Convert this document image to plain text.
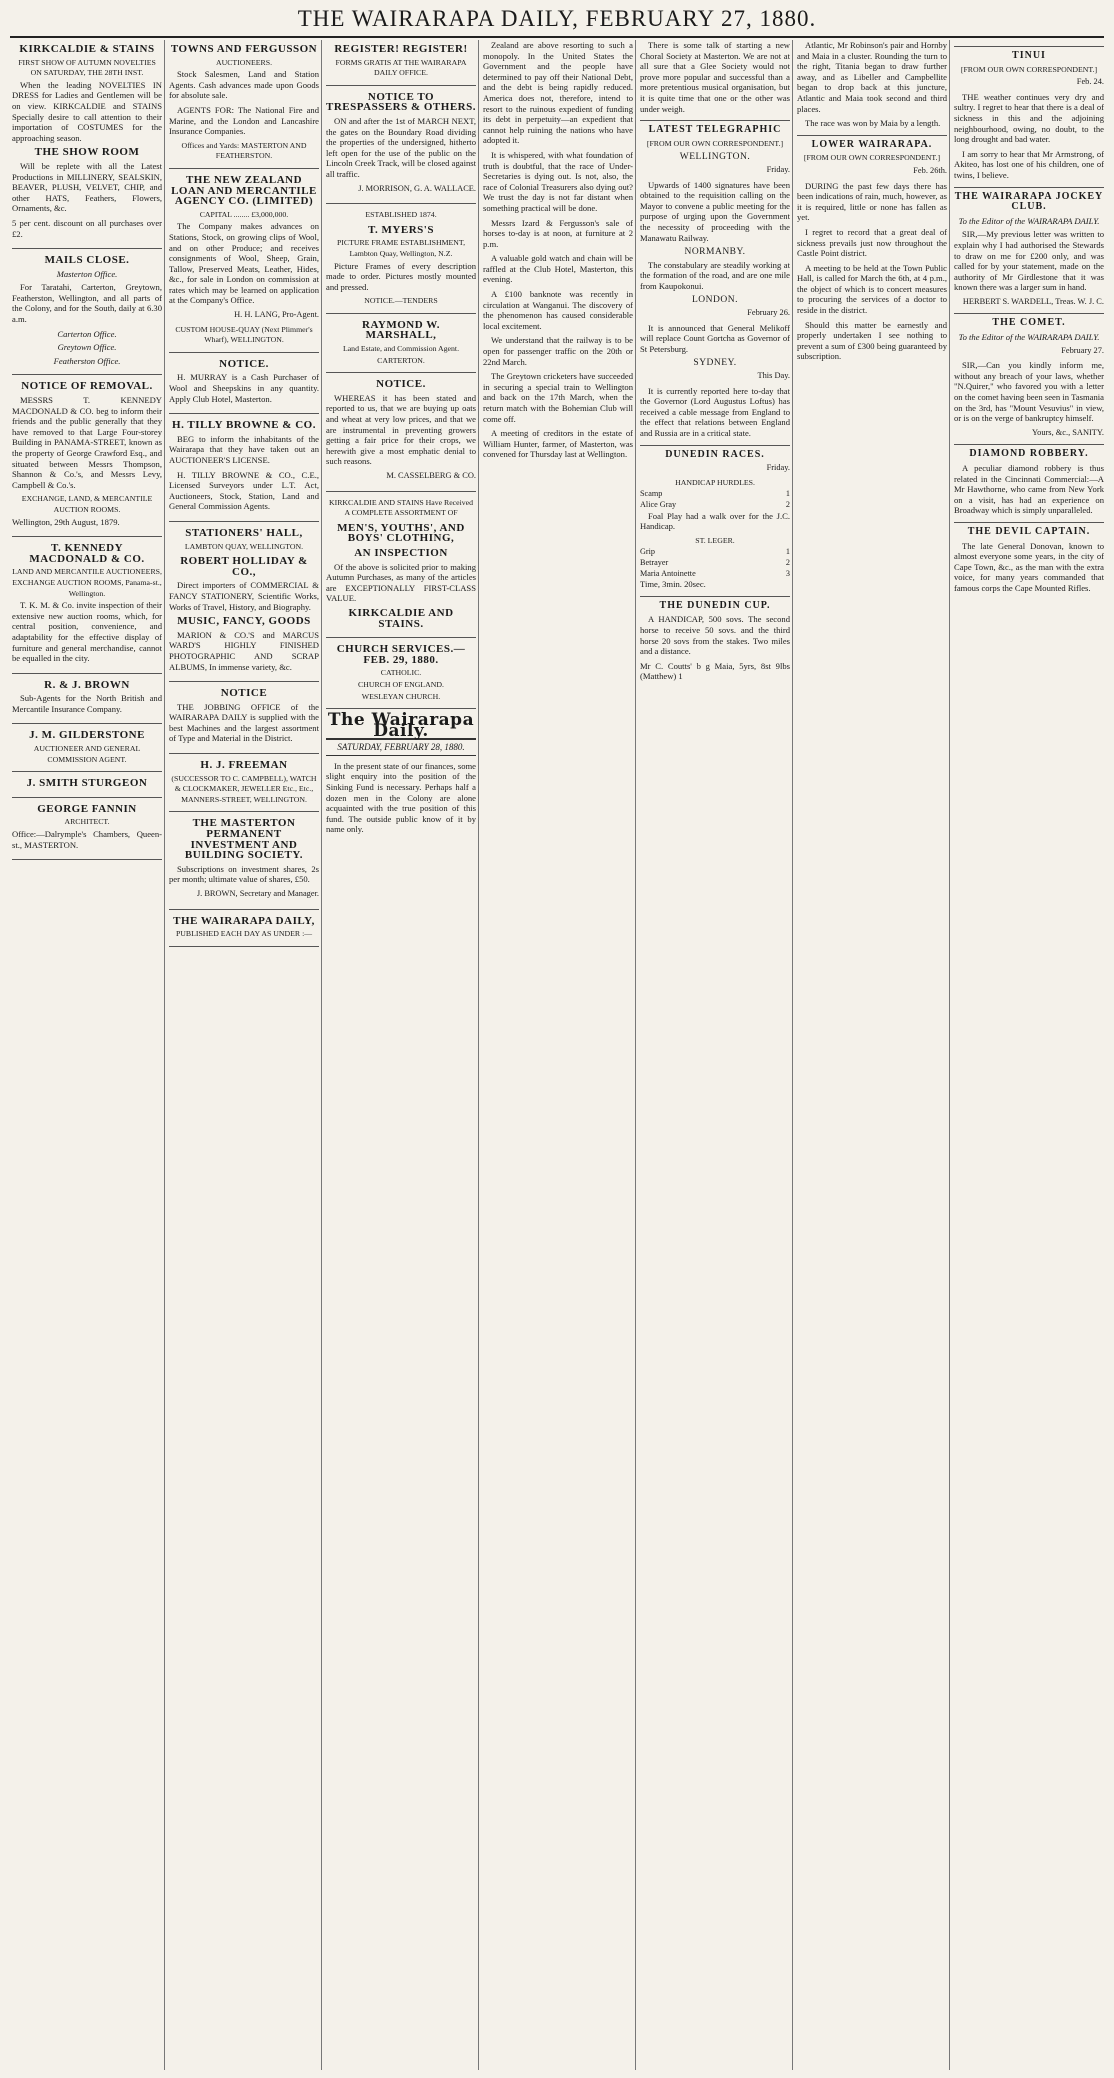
THE WAIRARAPA DAILY, FEBRUARY 27, 1880.
KIRKCALDIE & STAINS
FIRST SHOW OF AUTUMN NOVELTIES ON SATURDAY, THE 28TH INST.

When the leading NOVELTIES IN DRESS for Ladies and Gentlemen will be on view. KIRKCALDIE and STAINS Specially desire to call attention to their importation of COSTUMES for the approaching season.

THE SHOW ROOM

Will be replete with all the Latest Productions in MILLINERY, SEALSKIN, BEAVER, PLUSH, VELVET, CHIP, and other HATS, Feathers, Flowers, Ornaments, &c.

5 per cent. discount on all purchases over £2.

MAILS CLOSE.
Masterton Office.

For Taratahi, Carterton, Greytown, Featherston, Wellington, and all parts of the Colony, and for the South, daily at 6.30 a.m.

Carterton Office.
Greytown Office.
Featherston Office.
NOTICE OF REMOVAL.

MESSRS T. KENNEDY MACDONALD & CO. beg to inform their friends and the public generally that they have removed to that Large Four-storey Building in PANAMA-STREET, known as the property of George Crawford Esq., and situated between Messrs Thompson, Shannon & Co.'s, and Messrs Levy, Campbell & Co.'s.

EXCHANGE, LAND, & MERCANTILE AUCTION ROOMS.

Wellington, 29th August, 1879.

T. KENNEDY MACDONALD & CO.
LAND AND MERCANTILE AUCTIONEERS, EXCHANGE AUCTION ROOMS, Panama-st., Wellington.

T. K. M. & Co. invite inspection of their extensive new auction rooms, which, for central position, convenience, and adaptability for the effective display of furniture and general merchandise, cannot be equalled in the city.

R. & J. BROWN

Sub-Agents for the North British and Mercantile Insurance Company.

J. M. GILDERSTONE
AUCTIONEER AND GENERAL COMMISSION AGENT.
J. SMITH STURGEON
GEORGE FANNIN
ARCHITECT.

Office:—Dalrymple's Chambers, Queen-st., MASTERTON.

TOWNS AND FERGUSSON
AUCTIONEERS.

Stock Salesmen, Land and Station Agents. Cash advances made upon Goods for absolute sale.

AGENTS FOR: The National Fire and Marine, and the London and Lancashire Insurance Companies.

Offices and Yards: MASTERTON AND FEATHERSTON.
THE NEW ZEALAND LOAN AND MERCANTILE AGENCY CO. (LIMITED)
CAPITAL ........ £3,000,000.

The Company makes advances on Stations, Stock, on growing clips of Wool, and on other Produce; and receives consignments of Wool, Sheep, Grain, Tallow, Preserved Meats, Leather, Hides, &c., for sale in London on commission at rates which may be learned on application at the Company's Office.

H. H. LANG, Pro-Agent.
CUSTOM HOUSE-QUAY (Next Plimmer's Wharf), WELLINGTON.
NOTICE.

H. MURRAY is a Cash Purchaser of Wool and Sheepskins in any quantity. Apply Club Hotel, Masterton.

H. TILLY BROWNE & CO.

BEG to inform the inhabitants of the Wairarapa that they have taken out an AUCTIONEER'S LICENSE.

H. TILLY BROWNE & CO., C.E., Licensed Surveyors under L.T. Act, Auctioneers, Stock, Station, Land and General Commission Agents.

STATIONERS' HALL,
LAMBTON QUAY, WELLINGTON.
ROBERT HOLLIDAY & CO.,

Direct importers of COMMERCIAL & FANCY STATIONERY, Scientific Works, Works of Travel, History, and Biography.

MUSIC, FANCY, GOODS

MARION & CO.'S and MARCUS WARD'S HIGHLY FINISHED PHOTOGRAPHIC AND SCRAP ALBUMS, In immense variety, &c.

NOTICE

THE JOBBING OFFICE of the WAIRARAPA DAILY is supplied with the best Machines and the largest assortment of Type and Material in the District.

H. J. FREEMAN
(SUCCESSOR TO C. CAMPBELL), WATCH & CLOCKMAKER, JEWELLER Etc., Etc., MANNERS-STREET, WELLINGTON.
THE MASTERTON PERMANENT INVESTMENT AND BUILDING SOCIETY.

Subscriptions on investment shares, 2s per month; ultimate value of shares, £50.

J. BROWN, Secretary and Manager.
THE WAIRARAPA DAILY,
PUBLISHED EACH DAY AS UNDER :—
REGISTER! REGISTER!
FORMS GRATIS AT THE WAIRARAPA DAILY OFFICE.
NOTICE TO TRESPASSERS & OTHERS.

ON and after the 1st of MARCH NEXT, the gates on the Boundary Road dividing the properties of the undersigned, hitherto left open for the use of the public on the Lincoln Creek Track, will be closed against all traffic.

J. MORRISON, G. A. WALLACE.
ESTABLISHED 1874.
T. MYERS'S
PICTURE FRAME ESTABLISHMENT, Lambton Quay, Wellington, N.Z.

Picture Frames of every description made to order. Pictures mostly mounted and pressed.

NOTICE.—TENDERS
RAYMOND W. MARSHALL,
Land Estate, and Commission Agent.
CARTERTON.
NOTICE.

WHEREAS it has been stated and reported to us, that we are buying up oats and wheat at very low prices, and that we are instrumental in preventing growers getting a fair price for their crops, we herewith give a most emphatic denial to such reasons.

M. CASSELBERG & CO.
KIRKCALDIE AND STAINS Have Received A COMPLETE ASSORTMENT OF
MEN'S, YOUTHS', AND BOYS' CLOTHING,
AN INSPECTION

Of the above is solicited prior to making Autumn Purchases, as many of the articles are EXCEPTIONALLY FIRST-CLASS VALUE.

KIRKCALDIE AND STAINS.
CHURCH SERVICES.—FEB. 29, 1880.
CATHOLIC.
CHURCH OF ENGLAND.
WESLEYAN CHURCH.
The Wairarapa Daily.
SATURDAY, FEBRUARY 28, 1880.

In the present state of our finances, some slight enquiry into the position of the Sinking Fund is necessary. Perhaps half a dozen men in the Colony are alone acquainted with the true position of this fund. The outside public know of it by name only.

Zealand are above resorting to such a monopoly. In the United States the Government and the people have determined to pay off their National Debt, and the debt is being rapidly reduced. America does not, therefore, intend to resort to the ruinous expedient of funding its debt in perpetuity—an expedient that cannot help ruining the nations who have adopted it.

It is whispered, with what foundation of truth is doubtful, that the race of Under-Secretaries is dying out. Is not, also, the race of Colonial Treasurers also dying out? We trust the day is not far distant when something practical will be done.

Messrs Izard & Fergusson's sale of horses to-day is at noon, at furniture at 2 p.m.

A valuable gold watch and chain will be raffled at the Club Hotel, Masterton, this evening.

A £100 banknote was recently in circulation at Wanganui. The discovery of the phenomenon has caused considerable local excitement.

We understand that the railway is to be open for passenger traffic on the 20th or 22nd March.

The Greytown cricketers have succeeded in securing a special train to Wellington and back on the 17th March, when the return match with the Bohemian Club will come off.

A meeting of creditors in the estate of William Hunter, farmer, of Masterton, was convened for Thursday last at Wellington.

There is some talk of starting a new Choral Society at Masterton. We are not at all sure that a Glee Society would not prove more popular and successful than a more pretentious musical organisation, but it is quite time that one or the other was under weigh.

LATEST TELEGRAPHIC
[FROM OUR OWN CORRESPONDENT.]
WELLINGTON.
Friday.

Upwards of 1400 signatures have been obtained to the requisition calling on the Mayor to convene a public meeting for the purpose of urging upon the Government the necessity of proceeding with the Manawatu Railway.

NORMANBY.

The constabulary are steadily working at the formation of the road, and are one mile from Kaupokonui.

LONDON.
February 26.

It is announced that General Melikoff will replace Count Gortcha as Governor of St Petersburg.

SYDNEY.
This Day.

It is currently reported here to-day that the Governor (Lord Augustus Loftus) has received a cable message from England to the effect that relations between England and Russia are in a critical state.

DUNEDIN RACES.
Friday.
HANDICAP HURDLES.
Scamp	1
Alice Gray	2

Foal Play had a walk over for the J.C. Handicap.

ST. LEGER.
Grip	1
Betrayer	2
Maria Antoinette	3

Time, 3min. 20sec.

THE DUNEDIN CUP.

A HANDICAP, 500 sovs. The second horse to receive 50 sovs. and the third horse 20 sovs from the stakes. Two miles and a distance.

Mr C. Coutts' b g Maia, 5yrs, 8st 9lbs (Matthew) 1

Atlantic, Mr Robinson's pair and Hornby and Maia in a cluster. Rounding the turn to the right, Titania began to draw further away, and as Libeller and Campbellite began to drop back at this juncture, Atlantic and Maia took second and third places.

The race was won by Maia by a length.

LOWER WAIRARAPA.
[FROM OUR OWN CORRESPONDENT.]
Feb. 26th.

DURING the past few days there has been indications of rain, much, however, as it is required, little or none has fallen as yet.

I regret to record that a great deal of sickness prevails just now throughout the Castle Point district.

A meeting to be held at the Town Public Hall, is called for March the 6th, at 4 p.m., the object of which is to concert measures to procuring the services of a doctor to reside in the district.

Should this matter be earnestly and properly undertaken I see nothing to prevent a sum of £300 being guaranteed by subscription.

TINUI
[FROM OUR OWN CORRESPONDENT.]
Feb. 24.

THE weather continues very dry and sultry. I regret to hear that there is a deal of sickness in this and the adjoining neighbourhood, owing, no doubt, to the long drought and bad water.

I am sorry to hear that Mr Armstrong, of Akiteo, has lost one of his children, one of twins, I believe.

THE WAIRARAPA JOCKEY CLUB.
To the Editor of the WAIRARAPA DAILY.

SIR,—My previous letter was written to explain why I had authorised the Stewards to draw on me for £200 only, and was called for by your statement, made on the authority of Mr Girdlestone that it was known there was a larger sum in hand.

HERBERT S. WARDELL, Treas. W. J. C.
THE COMET.
To the Editor of the WAIRARAPA DAILY.
February 27.

SIR,—Can you kindly inform me, without any breach of your laws, whether "N.Quirer," who favored you with a letter on the comet having been seen in Tasmania on the 3rd, has "Mount Vesuvius" in view, or is on the verge of bankruptcy himself.

Yours, &c., SANITY.
DIAMOND ROBBERY.

A peculiar diamond robbery is thus related in the Cincinnati Commercial:—A Mr Hawthorne, who came from New York on a visit, has had an experience on Broadway which is simply unparalleled.

THE DEVIL CAPTAIN.

The late General Donovan, known to almost everyone some years, in the city of Cape Town, &c., as the man with the extra voice, for many years commanded that famous corps the Cape Mounted Rifles.
